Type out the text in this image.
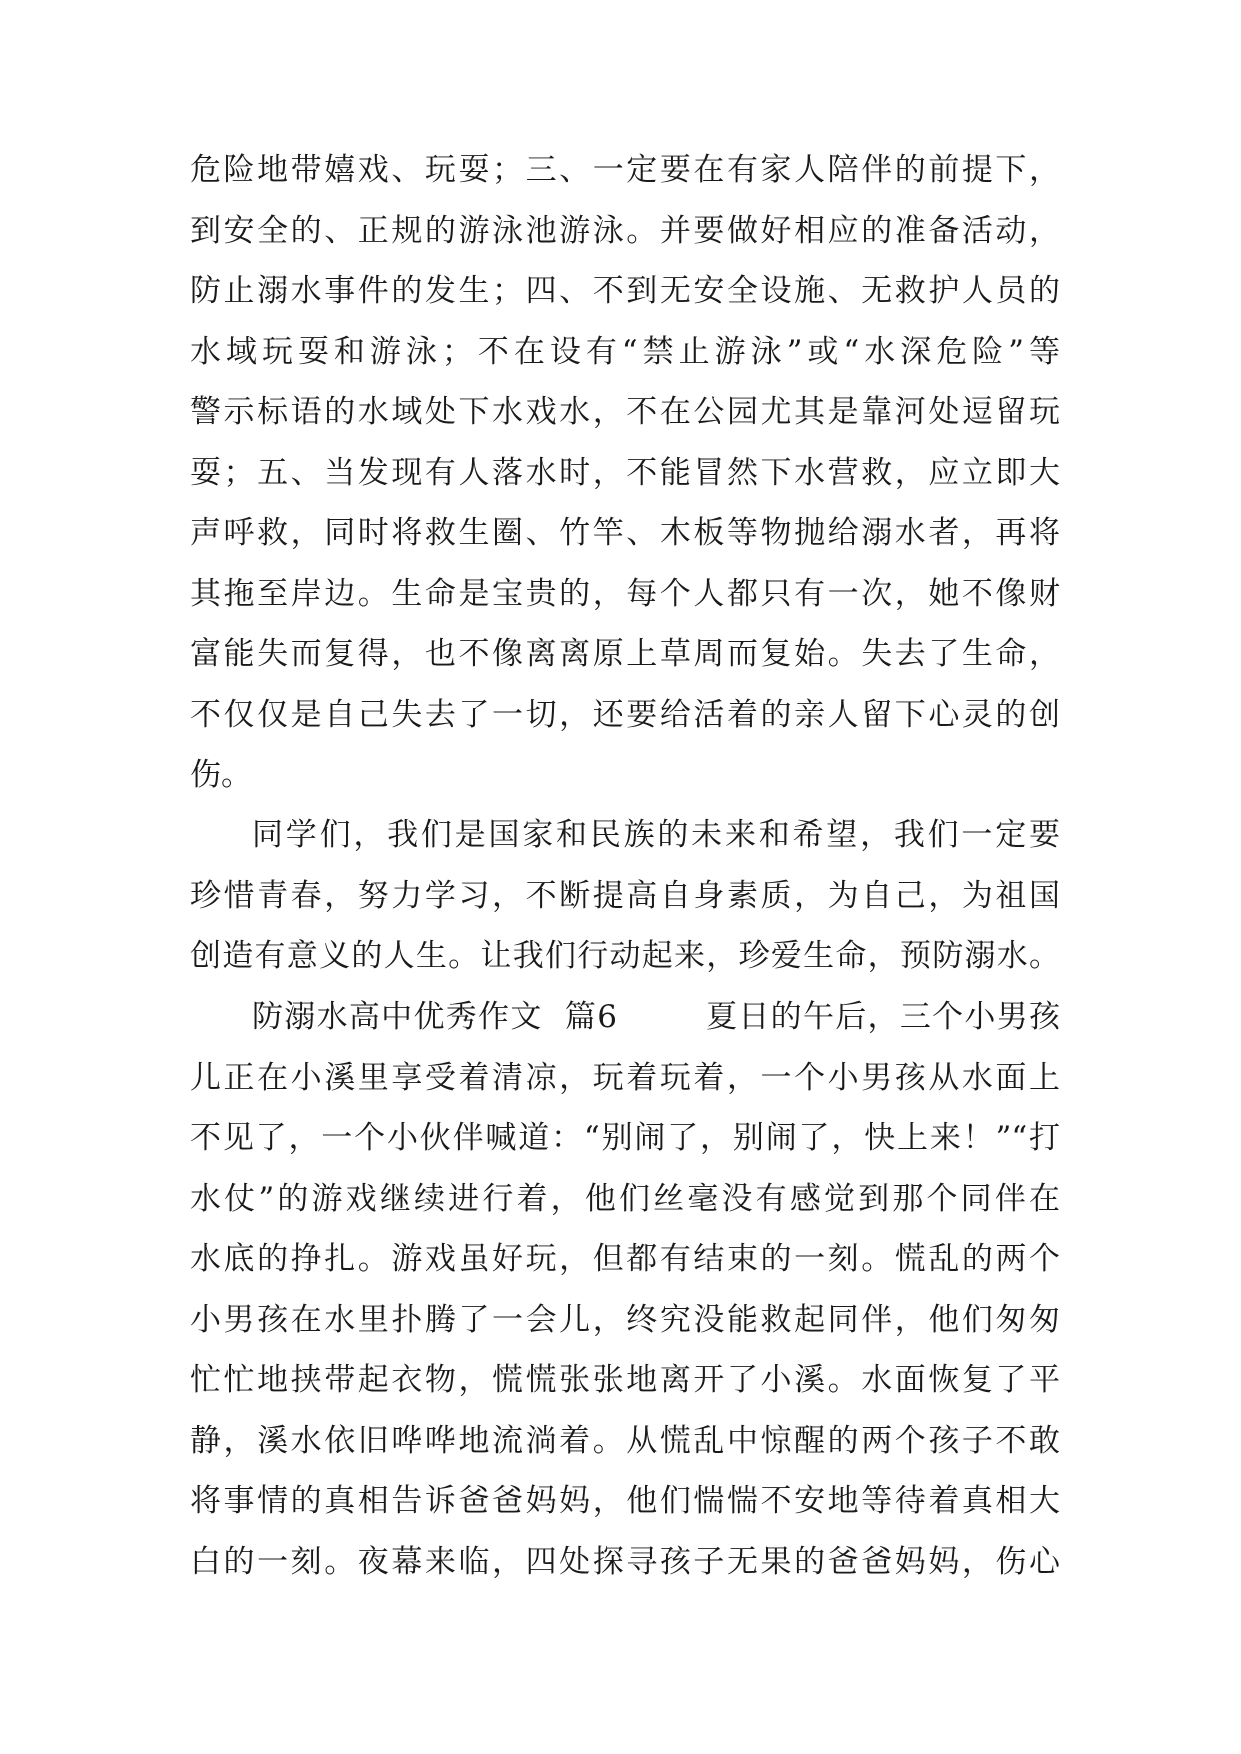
危险地带嬉戏、玩耍；三、一定要在有家人陪伴的前提下，
到安全的、正规的游泳池游泳。并要做好相应的准备活动，
防止溺水事件的发生；四、不到无安全设施、无救护人员的
水域玩耍和游泳；不在设有“禁止游泳”或“水深危险”等
警示标语的水域处下水戏水，不在公园尤其是靠河处逗留玩
耍；五、当发现有人落水时，不能冒然下水营救，应立即大
声呼救，同时将救生圈、竹竿、木板等物抛给溺水者，再将
其拖至岸边。生命是宝贵的，每个人都只有一次，她不像财
富能失而复得，也不像离离原上草周而复始。失去了生命，
不仅仅是自己失去了一切，还要给活着的亲人留下心灵的创
伤。
同学们，我们是国家和民族的未来和希望，我们一定要
珍惜青春，努力学习，不断提高自身素质，为自己，为祖国
创造有意义的人生。让我们行动起来，珍爱生命，预防溺水。
防溺水高中优秀作文  篇6        夏日的午后，三个小男孩
儿正在小溪里享受着清凉，玩着玩着，一个小男孩从水面上
不见了，一个小伙伴喊道：“别闹了，别闹了，快上来！”“打
水仗”的游戏继续进行着，他们丝毫没有感觉到那个同伴在
水底的挣扎。游戏虽好玩，但都有结束的一刻。慌乱的两个
小男孩在水里扑腾了一会儿，终究没能救起同伴，他们匆匆
忙忙地挟带起衣物，慌慌张张地离开了小溪。水面恢复了平
静，溪水依旧哗哗地流淌着。从慌乱中惊醒的两个孩子不敢
将事情的真相告诉爸爸妈妈，他们惴惴不安地等待着真相大
白的一刻。夜幕来临，四处探寻孩子无果的爸爸妈妈，伤心
